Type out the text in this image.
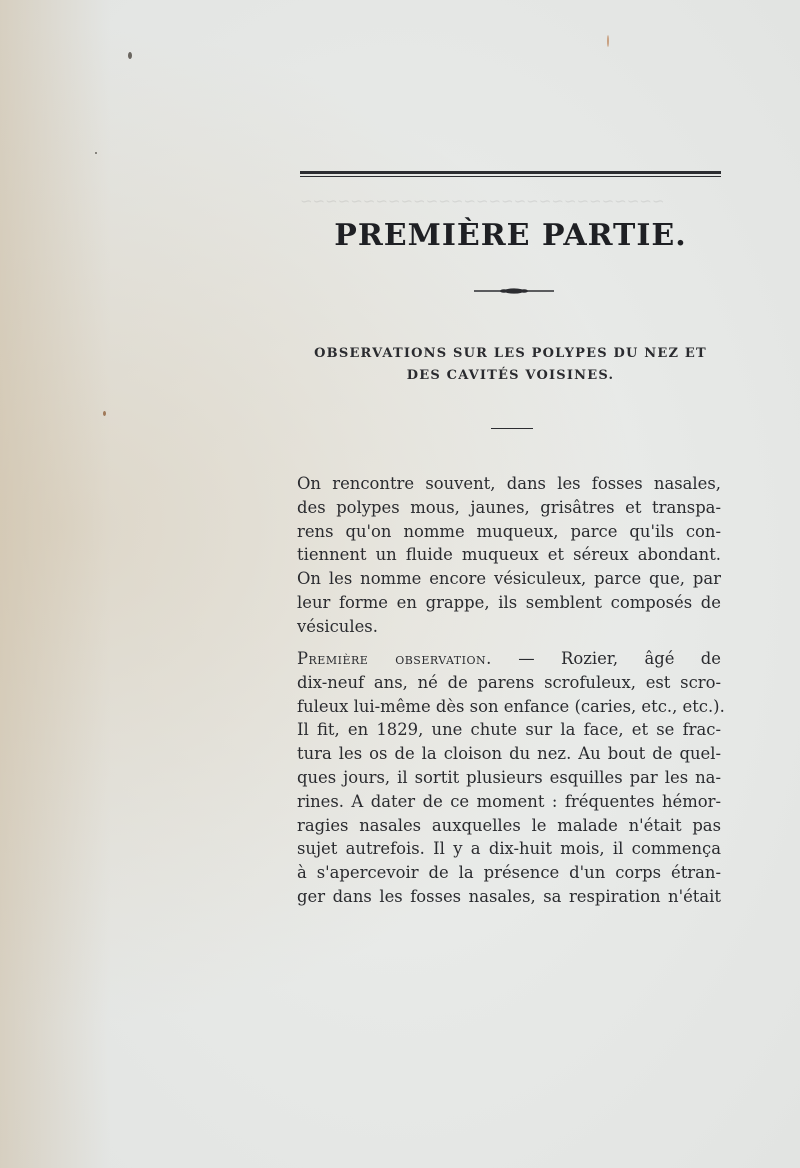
~~~~~~~~~~~~~~~~~~~~~~~~~~~~~
PREMIÈRE PARTIE.
OBSERVATIONS SUR LES POLYPES DU NEZ ET
DES CAVITÉS VOISINES.
On rencontre souvent, dans les fosses nasales,
des polypes mous, jaunes, grisâtres et transpa-
rens qu'on nomme muqueux, parce qu'ils con-
tiennent un fluide muqueux et séreux abondant.
On les nomme encore vésiculeux, parce que, par
leur forme en grappe, ils semblent composés de
vésicules.
Première observation. — Rozier, âgé de
dix-neuf ans, né de parens scrofuleux, est scro-
fuleux lui-même dès son enfance (caries, etc., etc.).
Il fit, en 1829, une chute sur la face, et se frac-
tura les os de la cloison du nez. Au bout de quel-
ques jours, il sortit plusieurs esquilles par les na-
rines. A dater de ce moment : fréquentes hémor-
ragies nasales auxquelles le malade n'était pas
sujet autrefois. Il y a dix-huit mois, il commença
à s'apercevoir de la présence d'un corps étran-
ger dans les fosses nasales, sa respiration n'était
